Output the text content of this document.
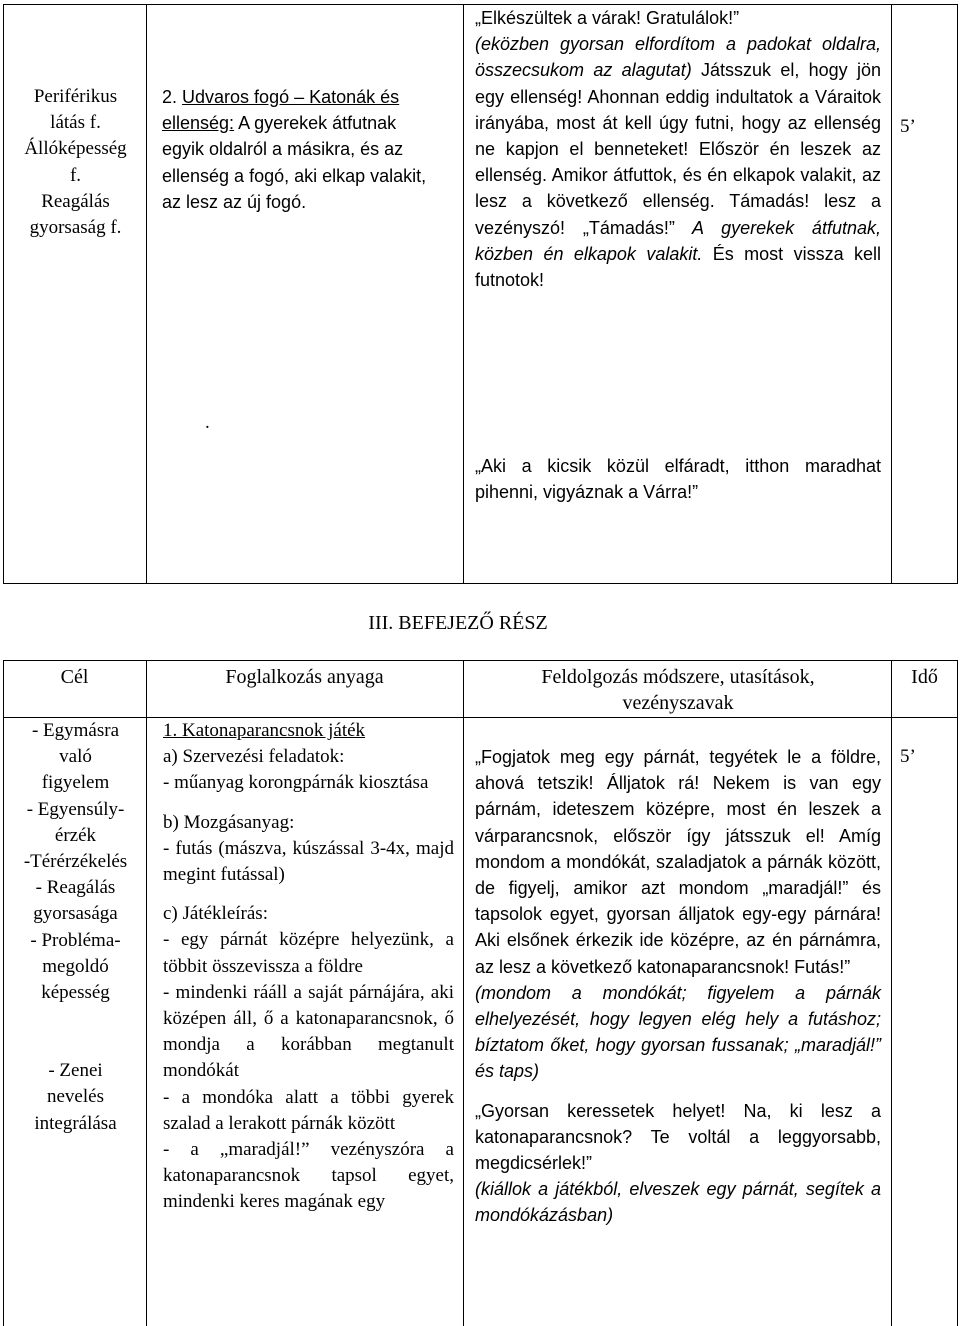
Periférikus
látás f.
Állóképesség
f.
Reagálás
gyorsaság f.
2. Udvaros fogó – Katonák és ellenség: A gyerekek átfutnak egyik oldalról a másikra, és az ellenség a fogó, aki elkap valakit, az lesz az új fogó.
„Elkészültek a várak! Gratulálok!”
(eközben gyorsan elfordítom a padokat oldalra, összecsukom az alagutat) Játsszuk el, hogy jön egy ellenség! Ahonnan eddig indultatok a Váraitok irányába, most át kell úgy futni, hogy az ellenség ne kapjon el benneteket! Először én leszek az ellenség. Amikor átfuttok, és én elkapok valakit, az lesz a következő ellenség. Támadás! lesz a vezényszó! „Támadás!” A gyerekek átfutnak, közben én elkapok valakit. És most vissza kell futnotok!
.
„Aki a kicsik közül elfáradt, itthon maradhat pihenni, vigyáznak a Várra!”
5’
III. BEFEJEZŐ RÉSZ
Cél	Foglalkozás anyaga	Feldolgozás módszere, utasítások, vezényszavak
Idő
- Egymásra
való
figyelem
- Egyensúly-
érzék
-Térérzékelés
- Reagálás
gyorsasága
- Probléma-
megoldó
képesség
- Zenei
nevelés
integrálása
1. Katonaparancsnok játék
a) Szervezési feladatok:
- műanyag korongpárnák kiosztása
b) Mozgásanyag:
- futás (mászva, kúszással 3-4x, majd megint futással)
c) Játékleírás:
- egy párnát középre helyezünk, a többit összevissza a földre
- mindenki rááll a saját párnájára, aki középen áll, ő a katonaparancsnok, ő mondja a korábban megtanult mondókát
- a mondóka alatt a többi gyerek szalad a lerakott párnák között
- a „maradjál!” vezényszóra a katonaparancsnok tapsol egyet, mindenki keres magának egy
„Fogjatok meg egy párnát, tegyétek le a földre, ahová tetszik! Álljatok rá! Nekem is van egy párnám, ideteszem középre, most én leszek a várparancsnok, először így játsszuk el! Amíg mondom a mondókát, szaladjatok a párnák között, de figyelj, amikor azt mondom „maradjál!” és tapsolok egyet, gyorsan álljatok egy-egy párnára! Aki elsőnek érkezik ide középre, az én párnámra, az lesz a következő katonaparancsnok! Futás!”
(mondom a mondókát; figyelem a párnák elhelyezését, hogy legyen elég hely a futáshoz; bíztatom őket, hogy gyorsan fussanak; „maradjál!” és taps)
„Gyorsan keressetek helyet! Na, ki lesz a katonaparancsnok? Te voltál a leggyorsabb, megdicsérlek!”
(kiállok a játékból, elveszek egy párnát, segítek a mondókázásban)
5’
